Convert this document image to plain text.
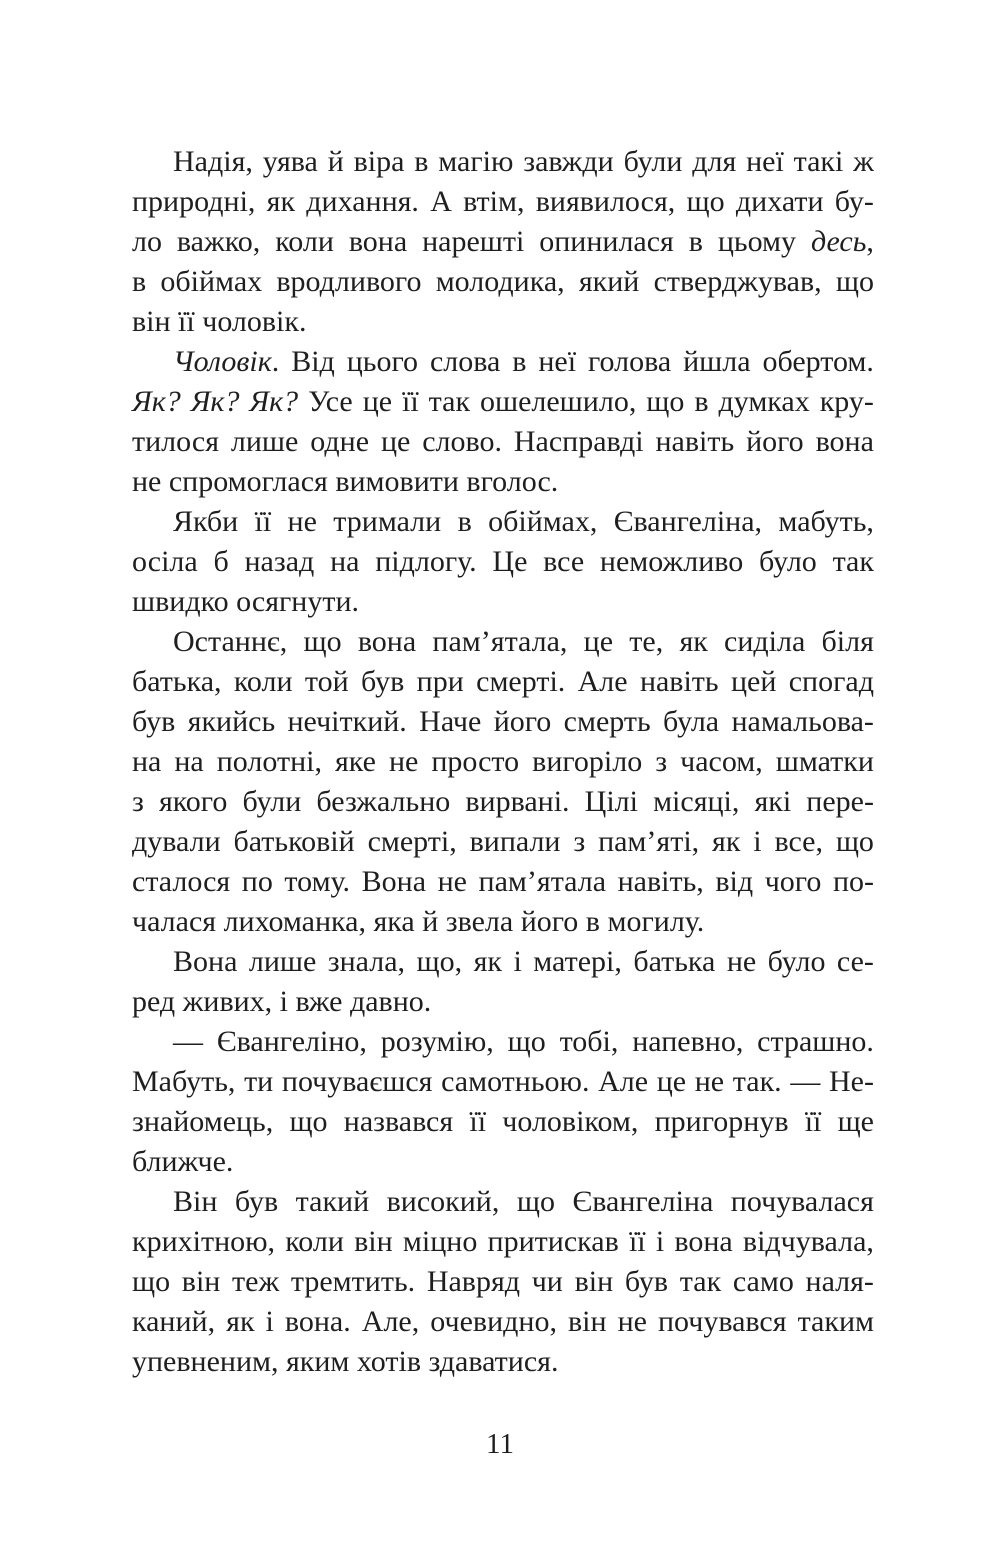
Надія, уява й віра в магію завжди були для неї такі ж
природні, як дихання. А втім, виявилося, що дихати бу-
ло важко, коли вона нарешті опинилася в цьому десь,
в обіймах вродливого молодика, який стверджував, що
він її чоловік.
Чоловік. Від цього слова в неї голова йшла обертом.
Як? Як? Як? Усе це її так ошелешило, що в думках кру-
тилося лише одне це слово. Насправді навіть його вона
не спромоглася вимовити вголос.
Якби її не тримали в обіймах, Євангеліна, мабуть,
осіла б назад на підлогу. Це все неможливо було так
швидко осягнути.
Останнє, що вона пам’ятала, це те, як сиділа біля
батька, коли той був при смерті. Але навіть цей спогад
був якийсь нечіткий. Наче його смерть була намальова-
на на полотні, яке не просто вигоріло з часом, шматки
з якого були безжально вирвані. Цілі місяці, які пере-
дували батьковій смерті, випали з пам’яті, як і все, що
сталося по тому. Вона не пам’ятала навіть, від чого по-
чалася лихоманка, яка й звела його в могилу.
Вона лише знала, що, як і матері, батька не було се-
ред живих, і вже давно.
— Євангеліно, розумію, що тобі, напевно, страшно.
Мабуть, ти почуваєшся самотньою. Але це не так. — Не-
знайомець, що назвався її чоловіком, пригорнув її ще
ближче.
Він був такий високий, що Євангеліна почувалася
крихітною, коли він міцно притискав її і вона відчувала,
що він теж тремтить. Навряд чи він був так само наля-
каний, як і вона. Але, очевидно, він не почувався таким
упевненим, яким хотів здаватися.
11
